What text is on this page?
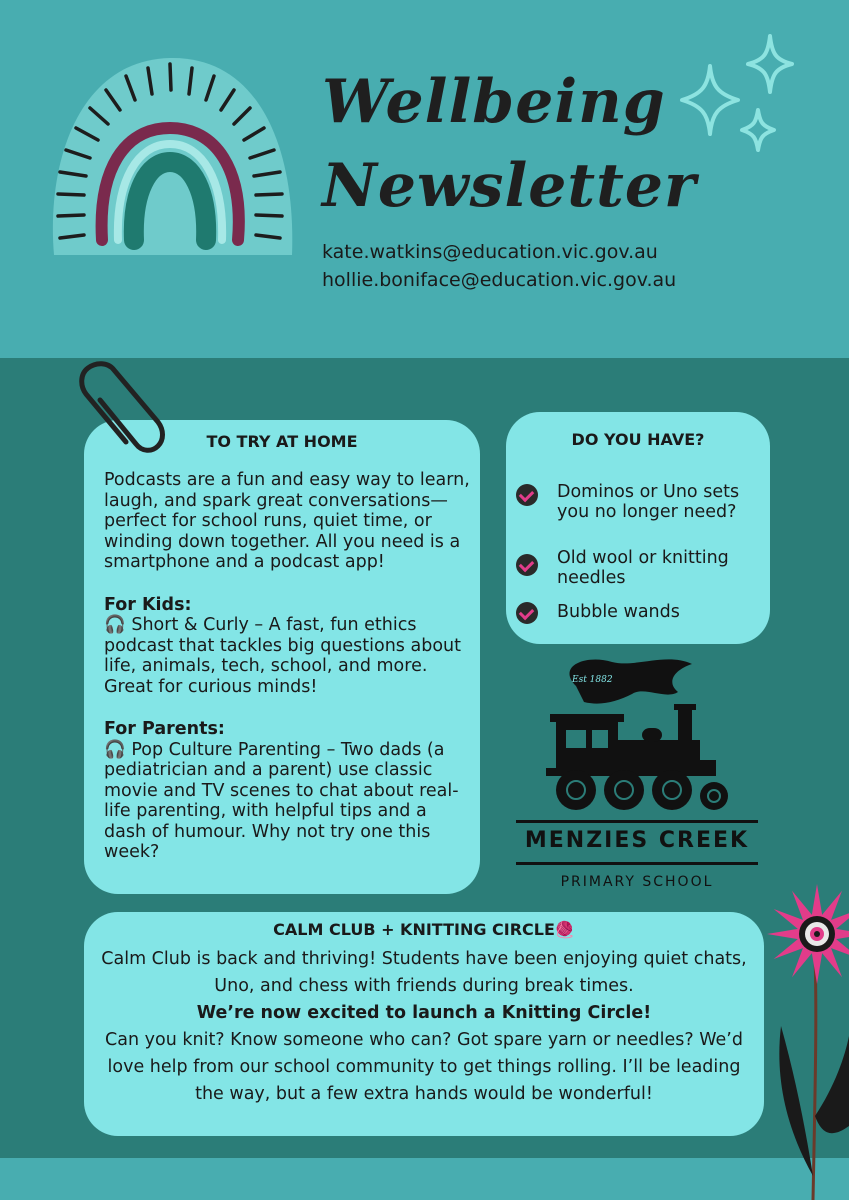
Wellbeing
Newsletter
kate.watkins@education.vic.gov.au
hollie.boniface@education.vic.gov.au
TO TRY AT HOME

Podcasts are a fun and easy way to learn, laugh, and spark great conversations—perfect for school runs, quiet time, or winding down together. All you need is a smartphone and a podcast app!

For Kids:

🎧 Short & Curly – A fast, fun ethics podcast that tackles big questions about life, animals, tech, school, and more. Great for curious minds!

For Parents:

🎧 Pop Culture Parenting – Two dads (a pediatrician and a parent) use classic movie and TV scenes to chat about real-life parenting, with helpful tips and a dash of humour. Why not try one this week?

DO YOU HAVE?
Dominos or Uno sets you no longer need?
Old wool or knitting needles
Bubble wands
Est 1882
MENZIES CREEK
PRIMARY SCHOOL
CALM CLUB + KNITTING CIRCLE🧶

Calm Club is back and thriving! Students have been enjoying quiet chats, Uno, and chess with friends during break times.

We’re now excited to launch a Knitting Circle!

Can you knit? Know someone who can? Got spare yarn or needles? We’d love help from our school community to get things rolling. I’ll be leading the way, but a few extra hands would be wonderful!
